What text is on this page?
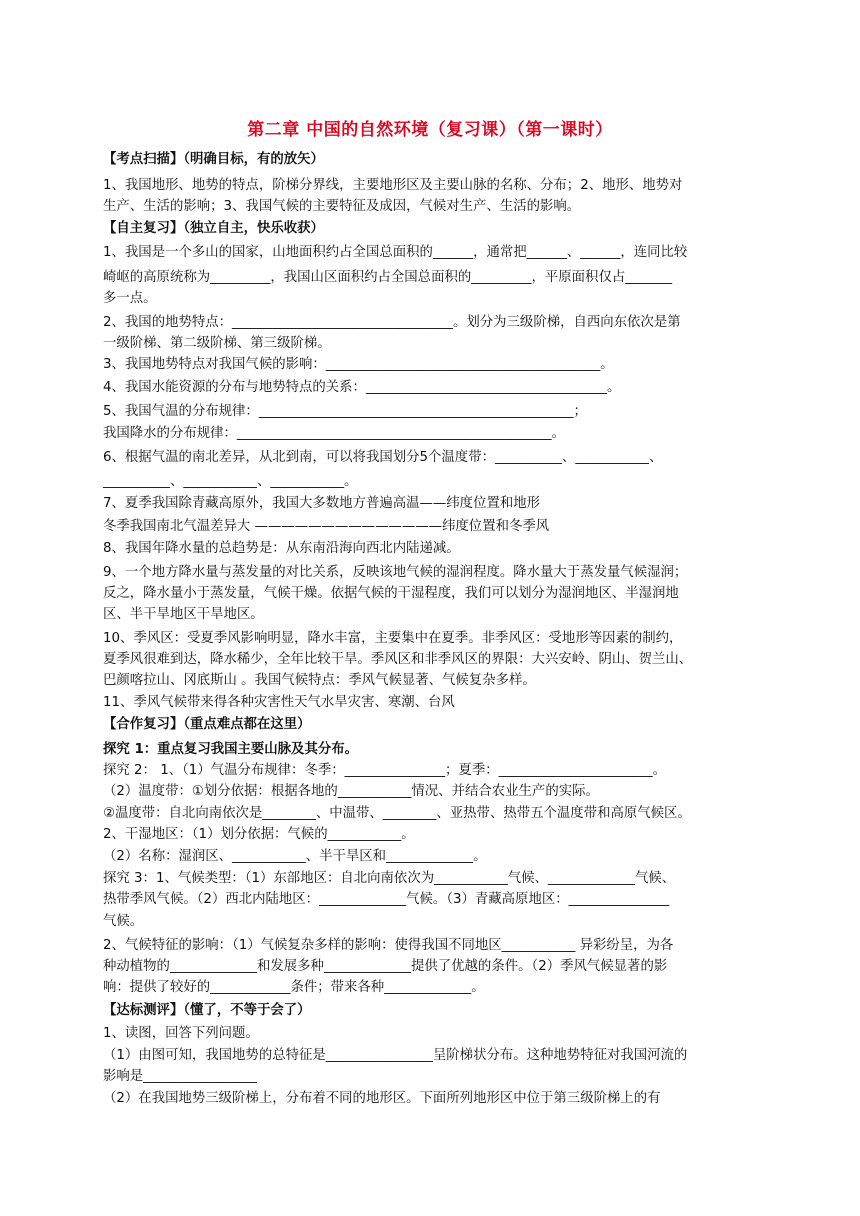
第二章 中国的自然环境（复习课）（第一课时）
【考点扫描】（明确目标，有的放矢）
1、我国地形、地势的特点，阶梯分界线，主要地形区及主要山脉的名称、分布；2、地形、地势对
生产、生活的影响；3、我国气候的主要特征及成因，气候对生产、生活的影响。
【自主复习】（独立自主，快乐收获）
1、我国是一个多山的国家，山地面积约占全国总面积的______，通常把______、______，连同比较
崎岖的高原统称为_________，我国山区面积约占全国总面积的_________，平原面积仅占_______
多一点。
2、我国的地势特点：_________________________________。划分为三级阶梯，自西向东依次是第
一级阶梯、第二级阶梯、第三级阶梯。
3、我国地势特点对我国气候的影响：_________________________________________。
4、我国水能资源的分布与地势特点的关系：____________________________________。
5、我国气温的分布规律：_______________________________________________；
我国降水的分布规律：_______________________________________________。
6、根据气温的南北差异，从北到南，可以将我国划分5个温度带：__________、___________、
__________、___________、___________。
7、夏季我国除青藏高原外，我国大多数地方普遍高温——纬度位置和地形
冬季我国南北气温差异大 ——————————————纬度位置和冬季风
8、我国年降水量的总趋势是：从东南沿海向西北内陆递减。
9、一个地方降水量与蒸发量的对比关系，反映该地气候的湿润程度。降水量大于蒸发量气候湿润；
反之，降水量小于蒸发量，气候干燥。依据气候的干湿程度，我们可以划分为湿润地区、半湿润地
区、半干旱地区干旱地区。
10、季风区：受夏季风影响明显，降水丰富，主要集中在夏季。非季风区：受地形等因素的制约，
夏季风很难到达，降水稀少，全年比较干旱。季风区和非季风区的界限：大兴安岭、阴山、贺兰山、
巴颜喀拉山、冈底斯山 。我国气候特点：季风气候显著、气候复杂多样。
11、季风气候带来得各种灾害性天气水旱灾害、寒潮、台风
【合作复习】（重点难点都在这里）
探究 1：重点复习我国主要山脉及其分布。
探究 2： 1、（1）气温分布规律：冬季：_______________；夏季：_______________________。
（2）温度带：①划分依据：根据各地的___________情况、并结合农业生产的实际。
②温度带：自北向南依次是________、中温带、________、亚热带、热带五个温度带和高原气候区。
2、干湿地区：（1）划分依据：气候的___________。
（2）名称：湿润区、___________、半干旱区和_____________。
探究 3：1、气候类型：（1）东部地区：自北向南依次为___________气候、_____________气候、
热带季风气候。（2）西北内陆地区：_____________气候。（3）青藏高原地区：_______________
气候。
2、气候特征的影响：（1）气候复杂多样的影响：使得我国不同地区___________ 异彩纷呈，为各
种动植物的_____________和发展多种_____________提供了优越的条件。（2）季风气候显著的影
响：提供了较好的____________条件；带来各种_____________。
【达标测评】（懂了，不等于会了）
1、读图，回答下列问题。
（1）由图可知，我国地势的总特征是________________呈阶梯状分布。这种地势特征对我国河流的
影响是_________________
（2）在我国地势三级阶梯上，分布着不同的地形区。下面所列地形区中位于第三级阶梯上的有
